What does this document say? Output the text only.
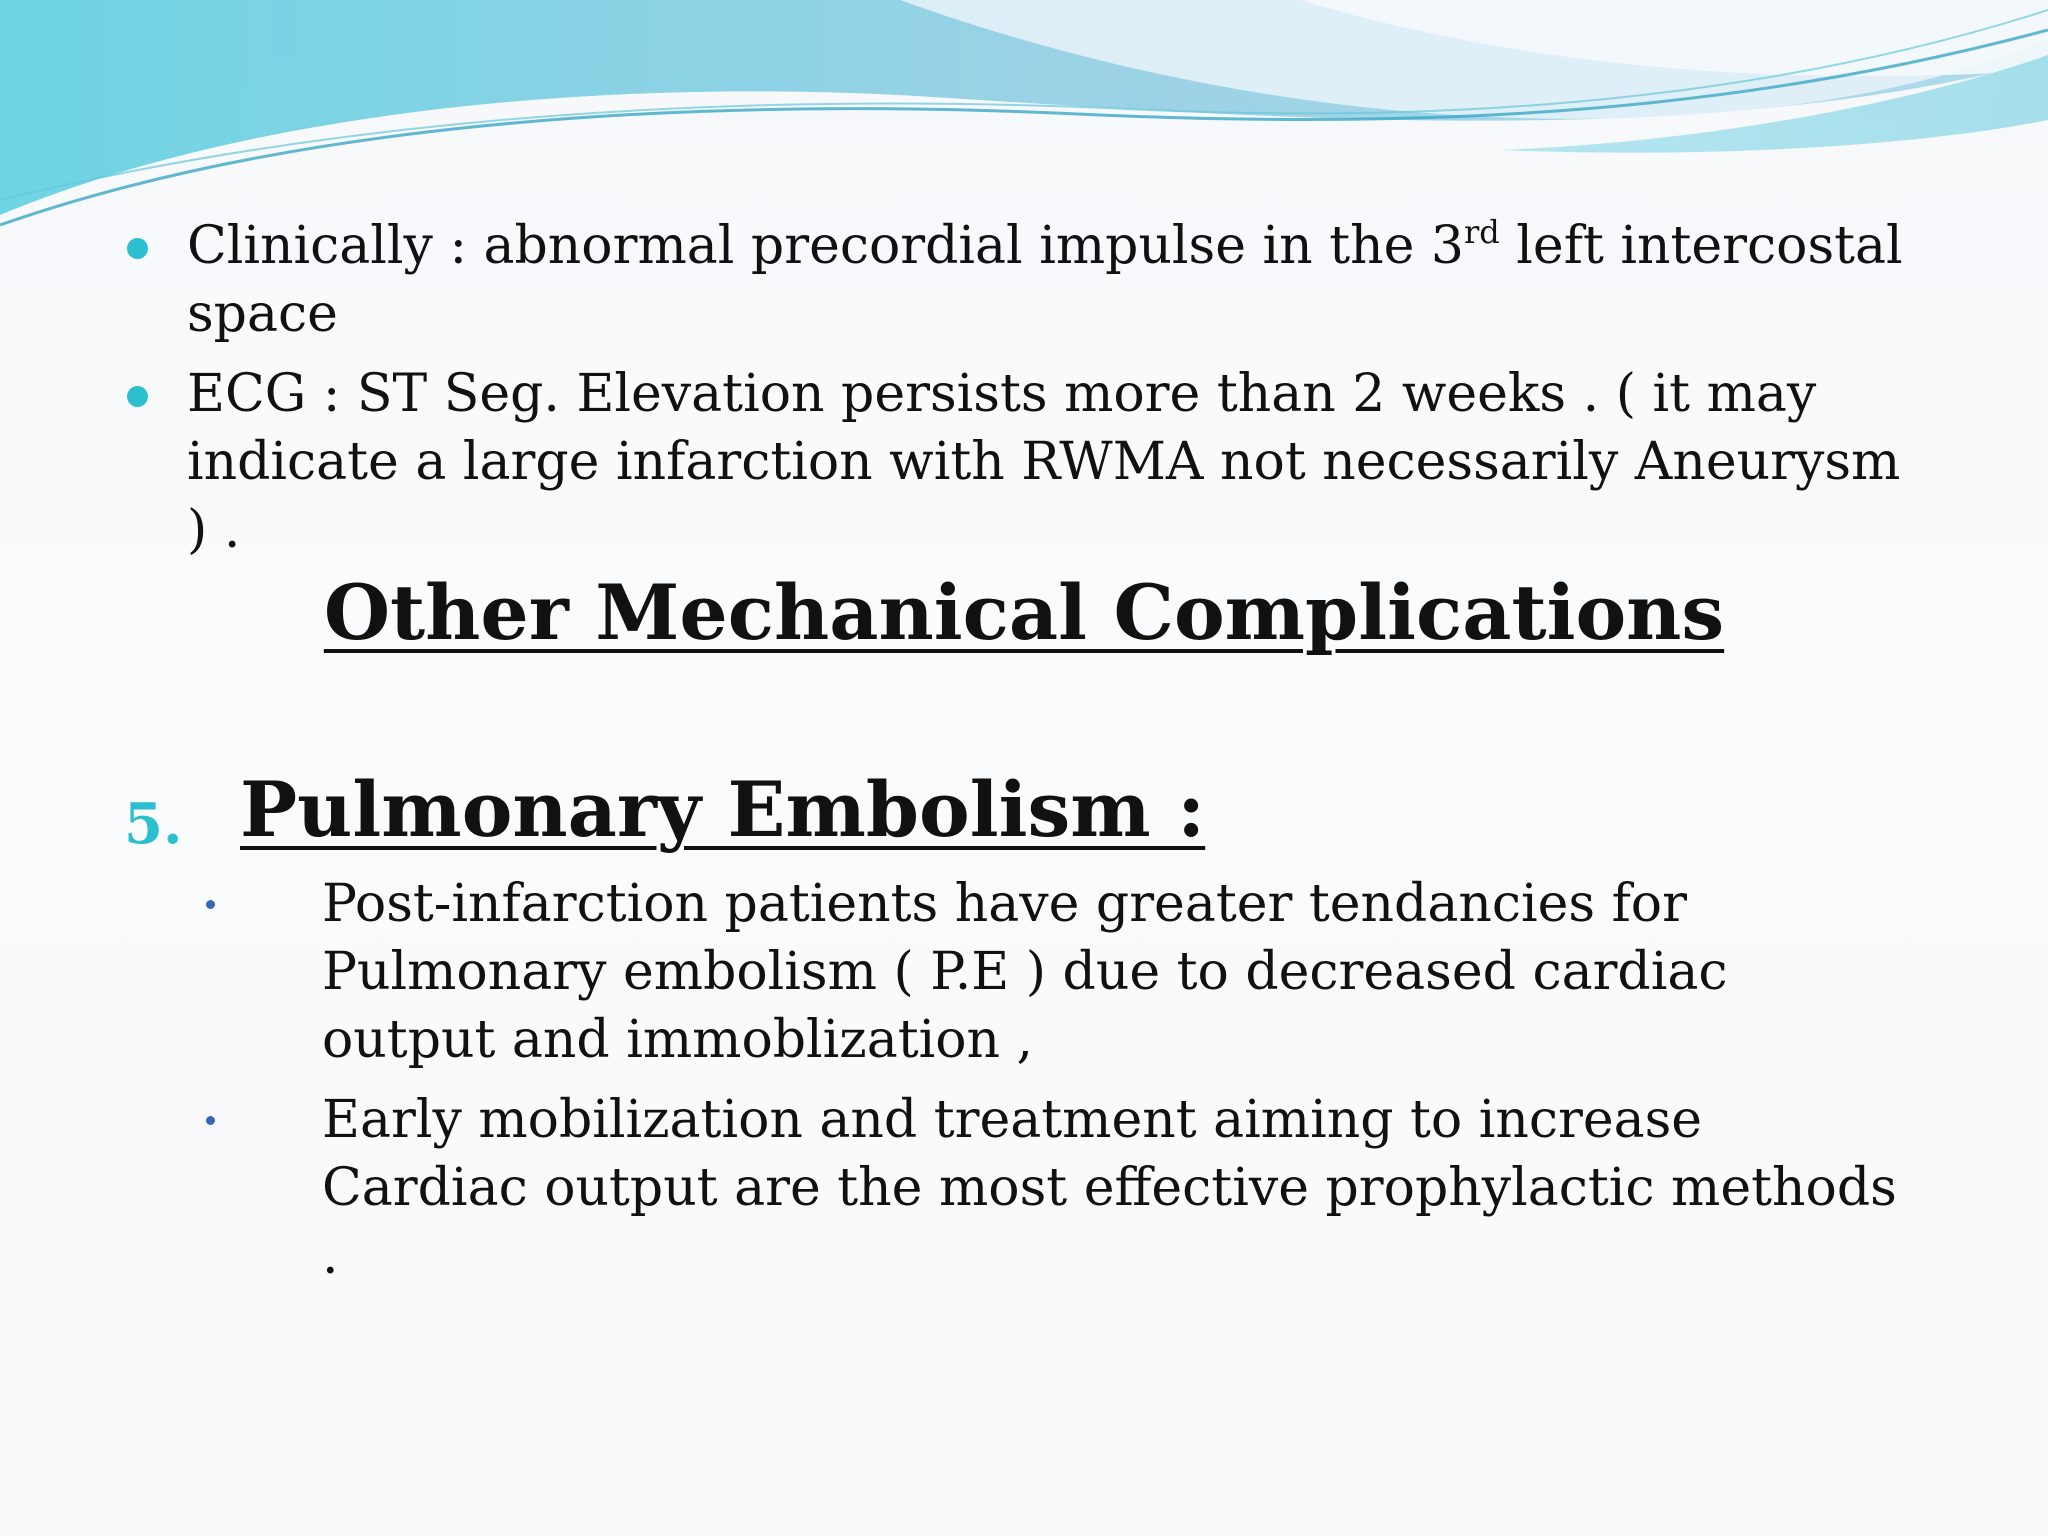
Clinically : abnormal precordial impulse in the 3rd left intercostal space
ECG : ST Seg. Elevation persists more than 2 weeks . ( it may indicate a large infarction with RWMA not necessarily Aneurysm ) .
Other Mechanical Complications
5. Pulmonary Embolism :
Post-infarction patients have greater tendancies for Pulmonary embolism ( P.E ) due to decreased cardiac output and immoblization ,
Early mobilization and treatment aiming to increase Cardiac output are the most effective prophylactic methods .
